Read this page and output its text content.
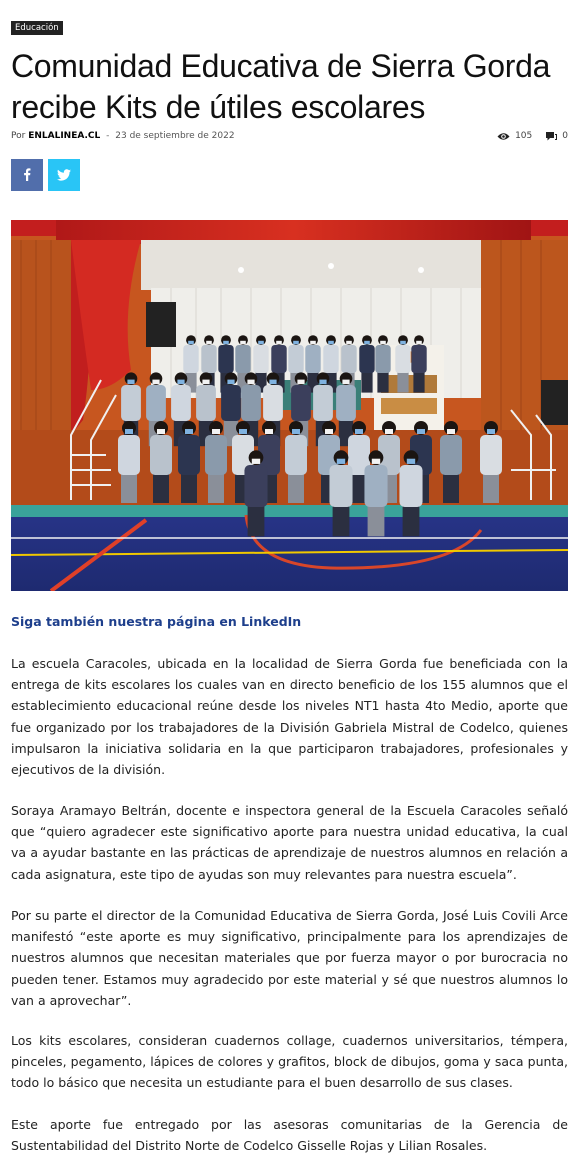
Educación
Comunidad Educativa de Sierra Gorda recibe Kits de útiles escolares
Por ENLALINEA.CL - 23 de septiembre de 2022	105	0

Siga también nuestra página en LinkedIn

La escuela Caracoles, ubicada en la localidad de Sierra Gorda fue beneficiada con la entrega de kits escolares los cuales van en directo beneficio de los 155 alumnos que el establecimiento educacional reúne desde los niveles NT1 hasta 4to Medio, aporte que fue organizado por los trabajadores de la División Gabriela Mistral de Codelco, quienes impulsaron la iniciativa solidaria en la que participaron trabajadores, profesionales y ejecutivos de la división.

Soraya Aramayo Beltrán, docente e inspectora general de la Escuela Caracoles señaló que “quiero agradecer este significativo aporte para nuestra unidad educativa, la cual va a ayudar bastante en las prácticas de aprendizaje de nuestros alumnos en relación a cada asignatura, este tipo de ayudas son muy relevantes para nuestra escuela”.

Por su parte el director de la Comunidad Educativa de Sierra Gorda, José Luis Covili Arce manifestó “este aporte es muy significativo, principalmente para los aprendizajes de nuestros alumnos que necesitan materiales que por fuerza mayor o por burocracia no pueden tener. Estamos muy agradecido por este material y sé que nuestros alumnos lo van a aprovechar”.

Los kits escolares, consideran cuadernos collage, cuadernos universitarios, témpera, pinceles, pegamento, lápices de colores y grafitos, block de dibujos, goma y saca punta, todo lo básico que necesita un estudiante para el buen desarrollo de sus clases.

Este aporte fue entregado por las asesoras comunitarias de la Gerencia de Sustentabilidad del Distrito Norte de Codelco Gisselle Rojas y Lilian Rosales.
